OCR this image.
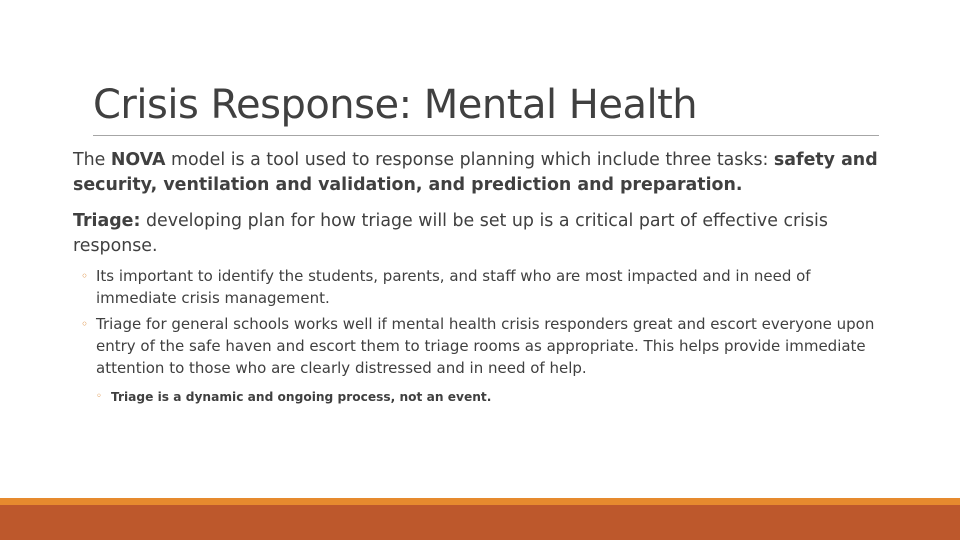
Crisis Response: Mental Health

The NOVA model is a tool used to response planning which include three tasks: safety and security, ventilation and validation, and prediction and preparation.

Triage: developing plan for how triage will be set up is a critical part of effective crisis response.

◦ Its important to identify the students, parents, and staff who are most impacted and in need of immediate crisis management.
◦ Triage for general schools works well if mental health crisis responders great and escort everyone upon entry of the safe haven and escort them to triage rooms as appropriate. This helps provide immediate attention to those who are clearly distressed and in need of help.
◦ Triage is a dynamic and ongoing process, not an event.
